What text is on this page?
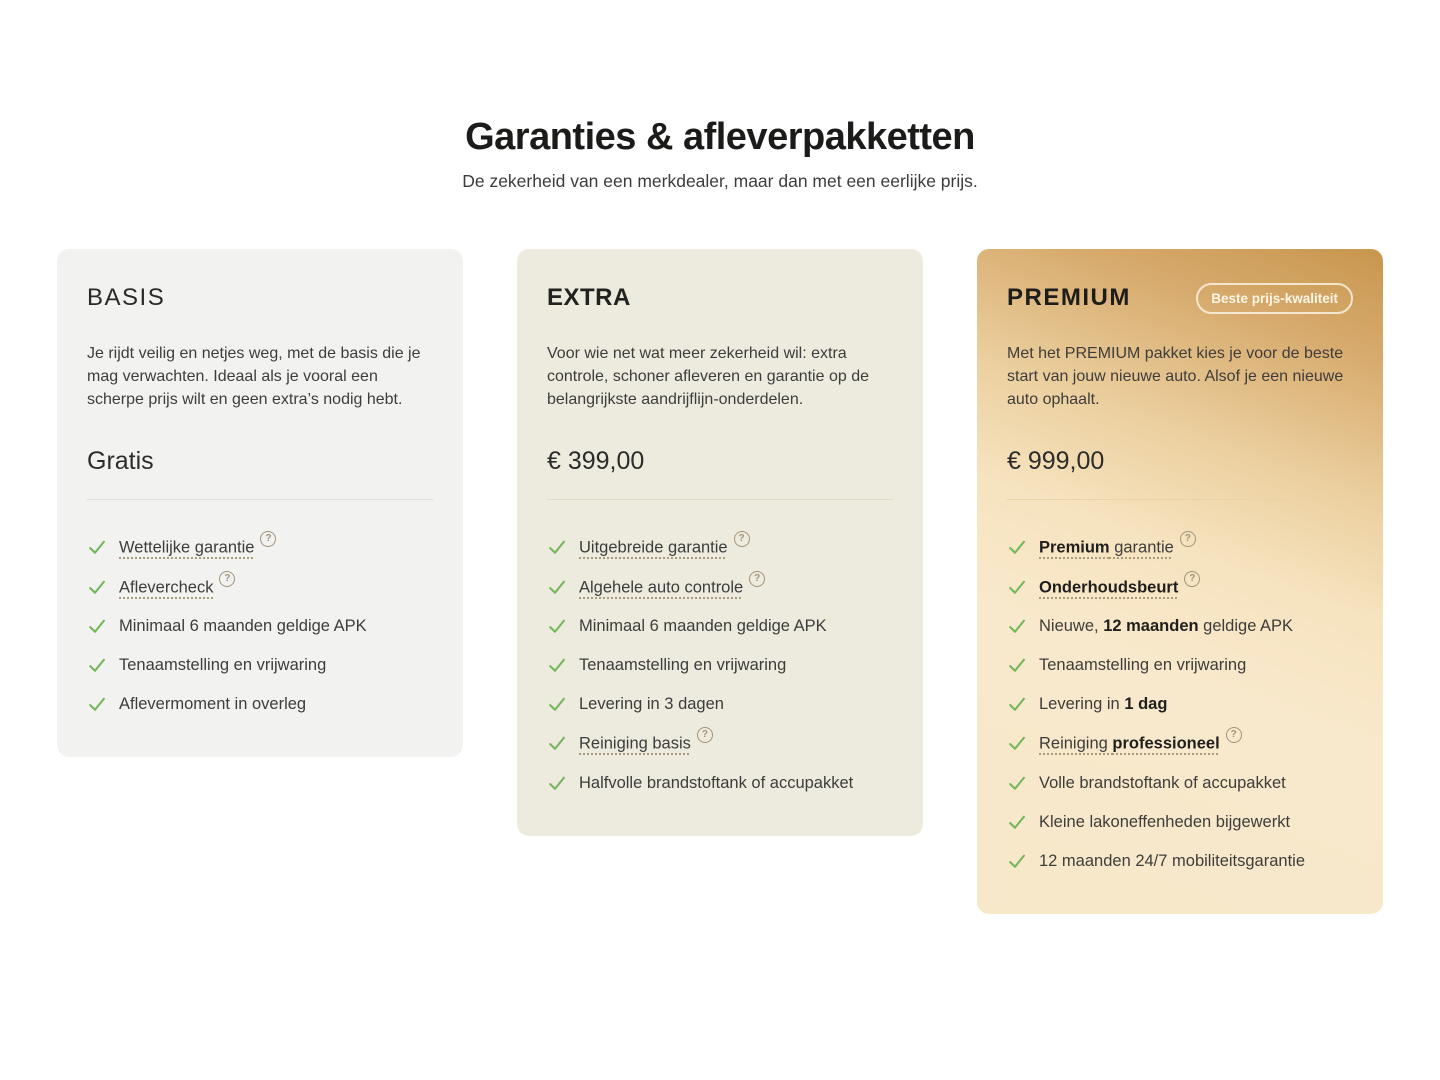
Garanties & afleverpakketten

De zekerheid van een merkdealer, maar dan met een eerlijke prijs.

BASIS

Je rijdt veilig en netjes weg, met de basis die je mag verwachten. Ideaal als je vooral een scherpe prijs wilt en geen extra’s nodig hebt.

Gratis
Wettelijke garantie ?
Aflevercheck ?
Minimaal 6 maanden geldige APK
Tenaamstelling en vrijwaring
Aflevermoment in overleg
EXTRA

Voor wie net wat meer zekerheid wil: extra controle, schoner afleveren en garantie op de belangrijkste aandrijflijn-onderdelen.

€ 399,00
Uitgebreide garantie ?
Algehele auto controle ?
Minimaal 6 maanden geldige APK
Tenaamstelling en vrijwaring
Levering in 3 dagen
Reiniging basis ?
Halfvolle brandstoftank of accupakket
PREMIUM	Beste prijs-kwaliteit

Met het PREMIUM pakket kies je voor de beste start van jouw nieuwe auto. Alsof je een nieuwe auto ophaalt.

€ 999,00
Premium garantie ?
Onderhoudsbeurt ?
Nieuwe, 12 maanden geldige APK
Tenaamstelling en vrijwaring
Levering in 1 dag
Reiniging professioneel ?
Volle brandstoftank of accupakket
Kleine lakoneffenheden bijgewerkt
12 maanden 24/7 mobiliteitsgarantie
